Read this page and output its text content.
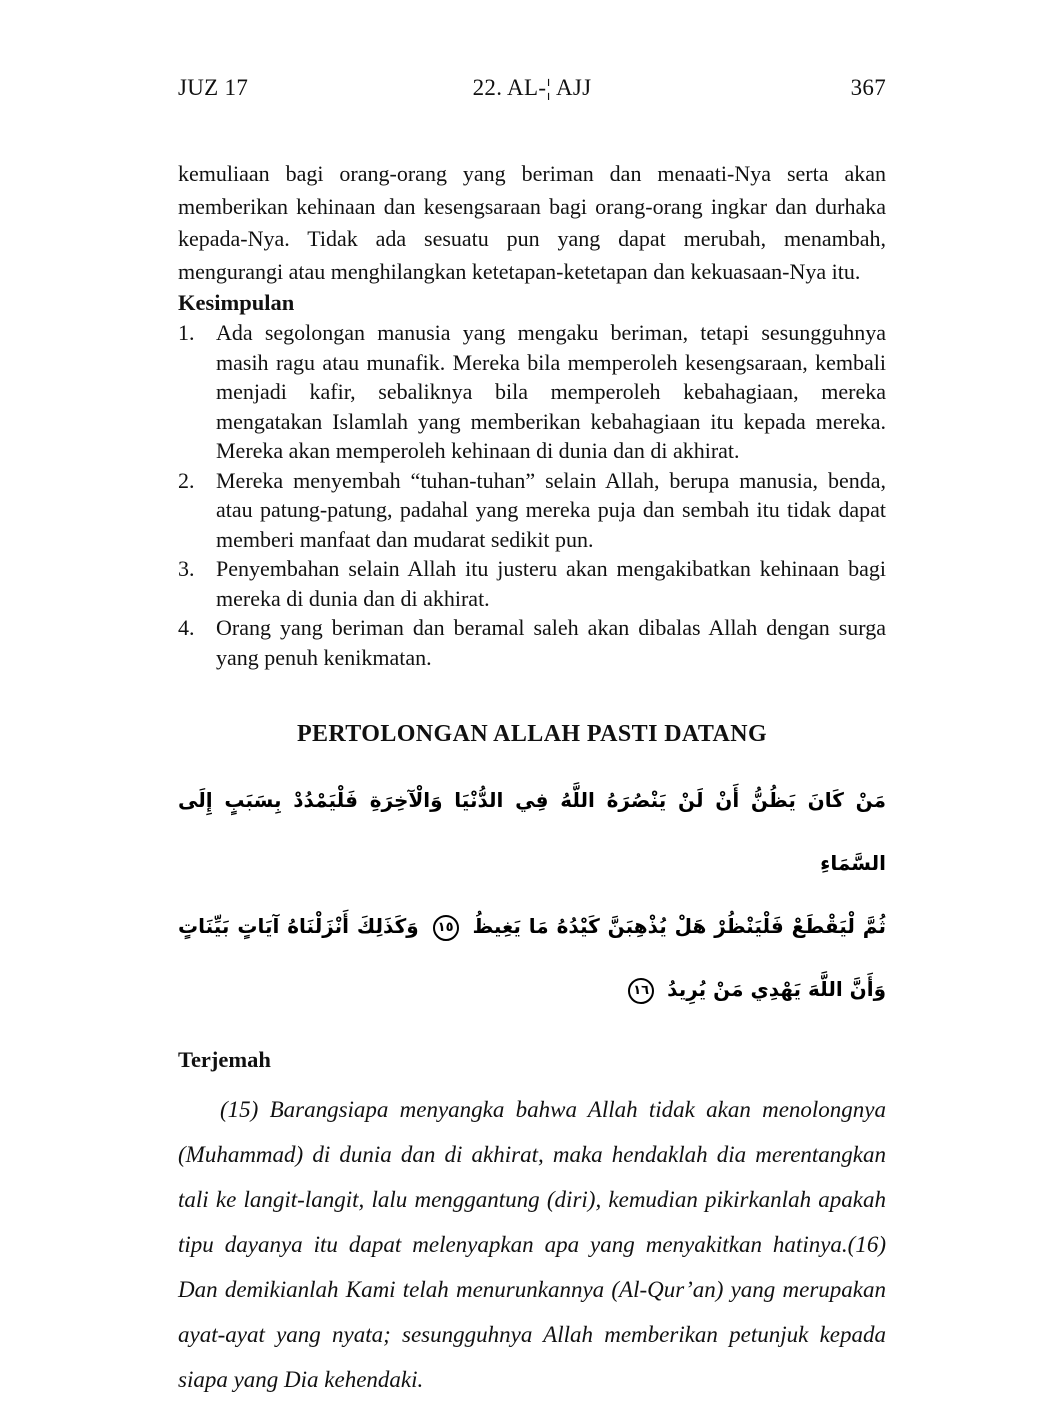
JUZ 17	22. AL-¦ AJJ	367

kemuliaan bagi orang-orang yang beriman dan menaati-Nya serta akan memberikan kehinaan dan kesengsaraan bagi orang-orang ingkar dan durhaka kepada-Nya. Tidak ada sesuatu pun yang dapat merubah, menambah, mengurangi atau menghilangkan ketetapan-ketetapan dan kekuasaan-Nya itu.

Kesimpulan
1. Ada segolongan manusia yang mengaku beriman, tetapi sesungguhnya masih ragu atau munafik. Mereka bila memperoleh kesengsaraan, kembali menjadi kafir, sebaliknya bila memperoleh kebahagiaan, mereka mengatakan Islamlah yang memberikan kebahagiaan itu kepada mereka. Mereka akan memperoleh kehinaan di dunia dan di akhirat.
2. Mereka menyembah “tuhan-tuhan” selain Allah, berupa manusia, benda, atau patung-patung, padahal yang mereka puja dan sembah itu tidak dapat memberi manfaat dan mudarat sedikit pun.
3. Penyembahan selain Allah itu justeru akan mengakibatkan kehinaan bagi mereka di dunia dan di akhirat.
4. Orang yang beriman dan beramal saleh akan dibalas Allah dengan surga yang penuh kenikmatan.
PERTOLONGAN ALLAH PASTI DATANG
مَنْ كَانَ يَظُنُّ أَنْ لَنْ يَنْصُرَهُ اللَّهُ فِي الدُّنْيَا وَالْآخِرَةِ فَلْيَمْدُدْ بِسَبَبٍ إِلَى السَّمَاءِ
ثُمَّ لْيَقْطَعْ فَلْيَنْظُرْ هَلْ يُذْهِبَنَّ كَيْدُهُ مَا يَغِيظُ
١٥
وَكَذَلِكَ أَنْزَلْنَاهُ آيَاتٍ بَيِّنَاتٍ
وَأَنَّ اللَّهَ يَهْدِي مَنْ يُرِيدُ
١٦
Terjemah

(15) Barangsiapa menyangka bahwa Allah tidak akan menolongnya (Muhammad) di dunia dan di akhirat, maka hendaklah dia merentangkan tali ke langit-langit, lalu menggantung (diri), kemudian pikirkanlah apakah tipu dayanya itu dapat melenyapkan apa yang menyakitkan hatinya.(16) Dan demikianlah Kami telah menurunkannya (Al-Qur’an) yang merupakan ayat-ayat yang nyata; sesungguhnya Allah memberikan petunjuk kepada siapa yang Dia kehendaki.
